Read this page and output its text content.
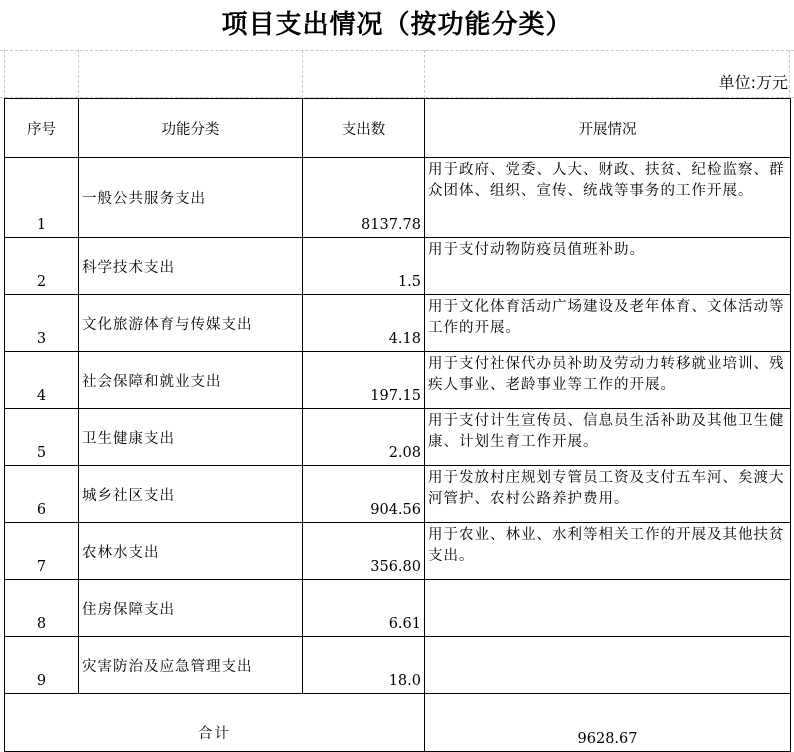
项目支出情况（按功能分类）
单位:万元
序号	功能分类	支出数	开展情况
1	一般公共服务支出	8137.78	用于政府、党委、人大、财政、扶贫、纪检监察、群众团体、组织、宣传、统战等事务的工作开展。
2	科学技术支出	1.5	用于支付动物防疫员值班补助。
3	文化旅游体育与传媒支出	4.18	用于文化体育活动广场建设及老年体育、文体活动等工作的开展。
4	社会保障和就业支出	197.15	用于支付社保代办员补助及劳动力转移就业培训、残疾人事业、老龄事业等工作的开展。
5	卫生健康支出	2.08	用于支付计生宣传员、信息员生活补助及其他卫生健康、计划生育工作开展。
6	城乡社区支出	904.56	用于发放村庄规划专管员工资及支付五车河、矣渡大河管护、农村公路养护费用。
7	农林水支出	356.80	用于农业、林业、水利等相关工作的开展及其他扶贫支出。
8	住房保障支出	6.61	
9	灾害防治及应急管理支出	18.0	
合计			9628.67
